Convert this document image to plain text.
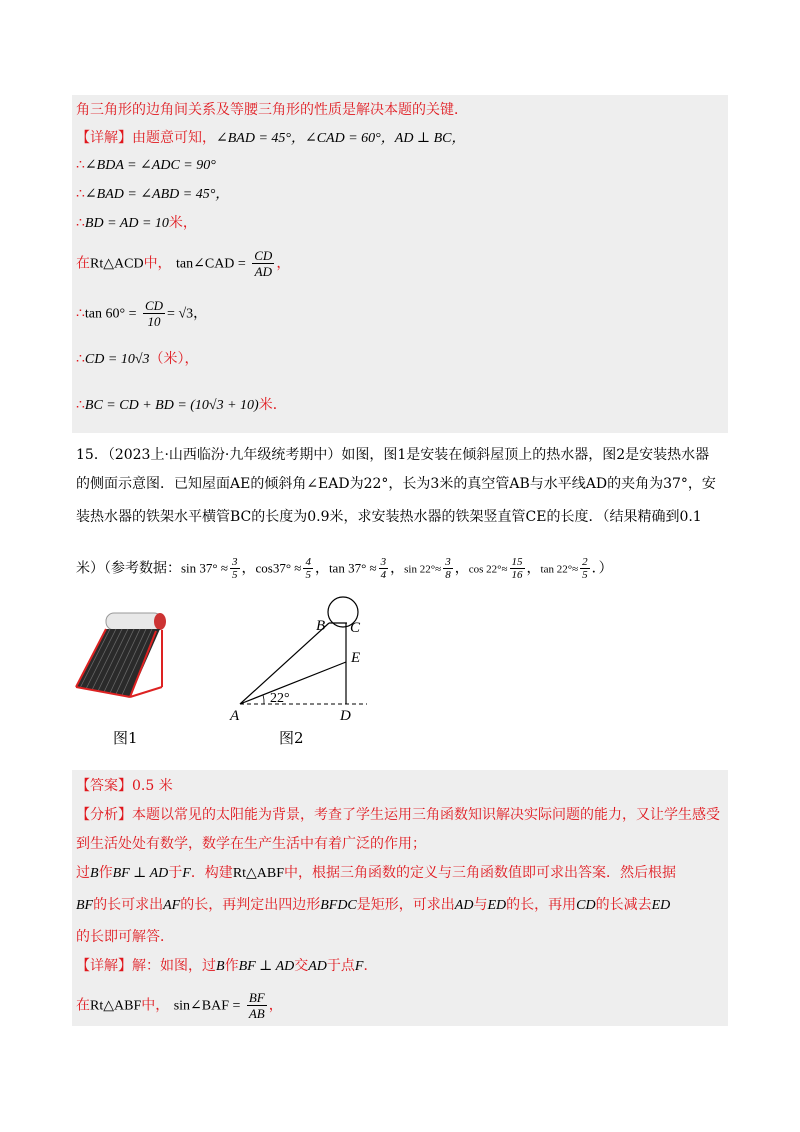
角三角形的边角间关系及等腰三角形的性质是解决本题的关键．
【详解】由题意可知，∠BAD = 45°，∠CAD = 60°，AD ⊥ BC，
∴∠BDA = ∠ADC = 90°
∴∠BAD = ∠ABD = 45°，
∴BD = AD = 10米，
在Rt△ACD中， tan∠CAD = $\frac{CD}{AD}$ ，
∴tan $60^\circ = \frac{CD}{10} = √3$，
∴CD = 10√3（米），
∴BC = CD + BD = (10√3 + 10)米．
15．（2023上·山西临汾·九年级统考期中）如图，图1是安装在倾斜屋顶上的热水器，图2是安装热水器
的侧面示意图．已知屋面AE的倾斜角∠EAD为22°，长为3米的真空管AB与水平线AD的夹角为37°，安
装热水器的铁架水平横管BC的长度为0.9米，求安装热水器的铁架竖直管CE的长度．（结果精确到0.1
米）（参考数据：$\sin 37^\circ \approx \frac{3}{5}$ ，$\cos 37^\circ \approx \frac{4}{5}$ ，$\tan 37^\circ \approx \frac{3}{4}$ ，$\sin 22^\circ\approx \frac{3}{8}$ ，$\cos 22^\circ\approx \frac{15}{16}$ ，$\tan 22^\circ\approx \frac{2}{5}$ ．）
图1
22°
A	D
B C
E
图2
【答案】0.5 米
【分析】本题以常见的太阳能为背景，考查了学生运用三角函数知识解决实际问题的能力，又让学生感受
到生活处处有数学，数学在生产生活中有着广泛的作用；
过B作BF ⊥ AD于F．构建Rt△ABF中，根据三角函数的定义与三角函数值即可求出答案．然后根据
BF的长可求出AF的长，再判定出四边形BFDC是矩形，可求出AD与ED的长，再用CD的长减去ED
的长即可解答．
【详解】解：如图，过B作BF ⊥ AD交AD于点F．
在Rt△ABF中， sin∠BAF = $\frac{BF}{AB}$ ，
